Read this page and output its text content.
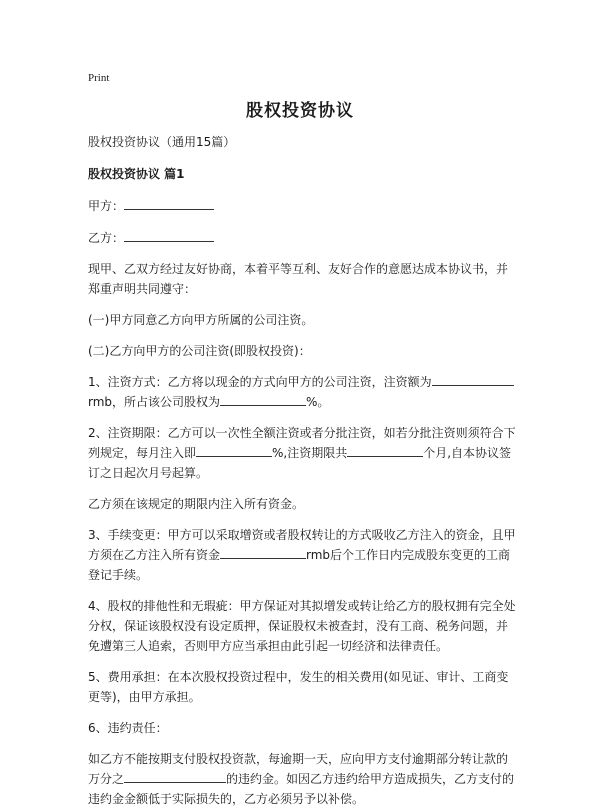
Print
股权投资协议

股权投资协议（通用15篇）

股权投资协议 篇1

甲方：

乙方：

现甲、乙双方经过友好协商，本着平等互利、友好合作的意愿达成本协议书，并郑重声明共同遵守：

(一)甲方同意乙方向甲方所属的公司注资。

(二)乙方向甲方的公司注资(即股权投资)：

1、注资方式：乙方将以现金的方式向甲方的公司注资，注资额为rmb，所占该公司股权为	%。

2、注资期限：乙方可以一次性全额注资或者分批注资，如若分批注资则须符合下列规定，每月注入即	%,注资期限共	个月,自本协议签订之日起次月号起算。

乙方须在该规定的期限内注入所有资金。

3、手续变更：甲方可以采取增资或者股权转让的方式吸收乙方注入的资金，且甲方须在乙方注入所有资金	rmb后个工作日内完成股东变更的工商登记手续。

4、股权的排他性和无瑕疵：甲方保证对其拟增发或转让给乙方的股权拥有完全处分权，保证该股权没有设定质押，保证股权未被查封，没有工商、税务问题，并免遭第三人追索，否则甲方应当承担由此引起一切经济和法律责任。

5、费用承担：在本次股权投资过程中，发生的相关费用(如见证、审计、工商变更等)，由甲方承担。

6、违约责任：

如乙方不能按期支付股权投资款，每逾期一天，应向甲方支付逾期部分转让款的万分之	的违约金。如因乙方违约给甲方造成损失，乙方支付的违约金金额低于实际损失的，乙方必须另予以补偿。
